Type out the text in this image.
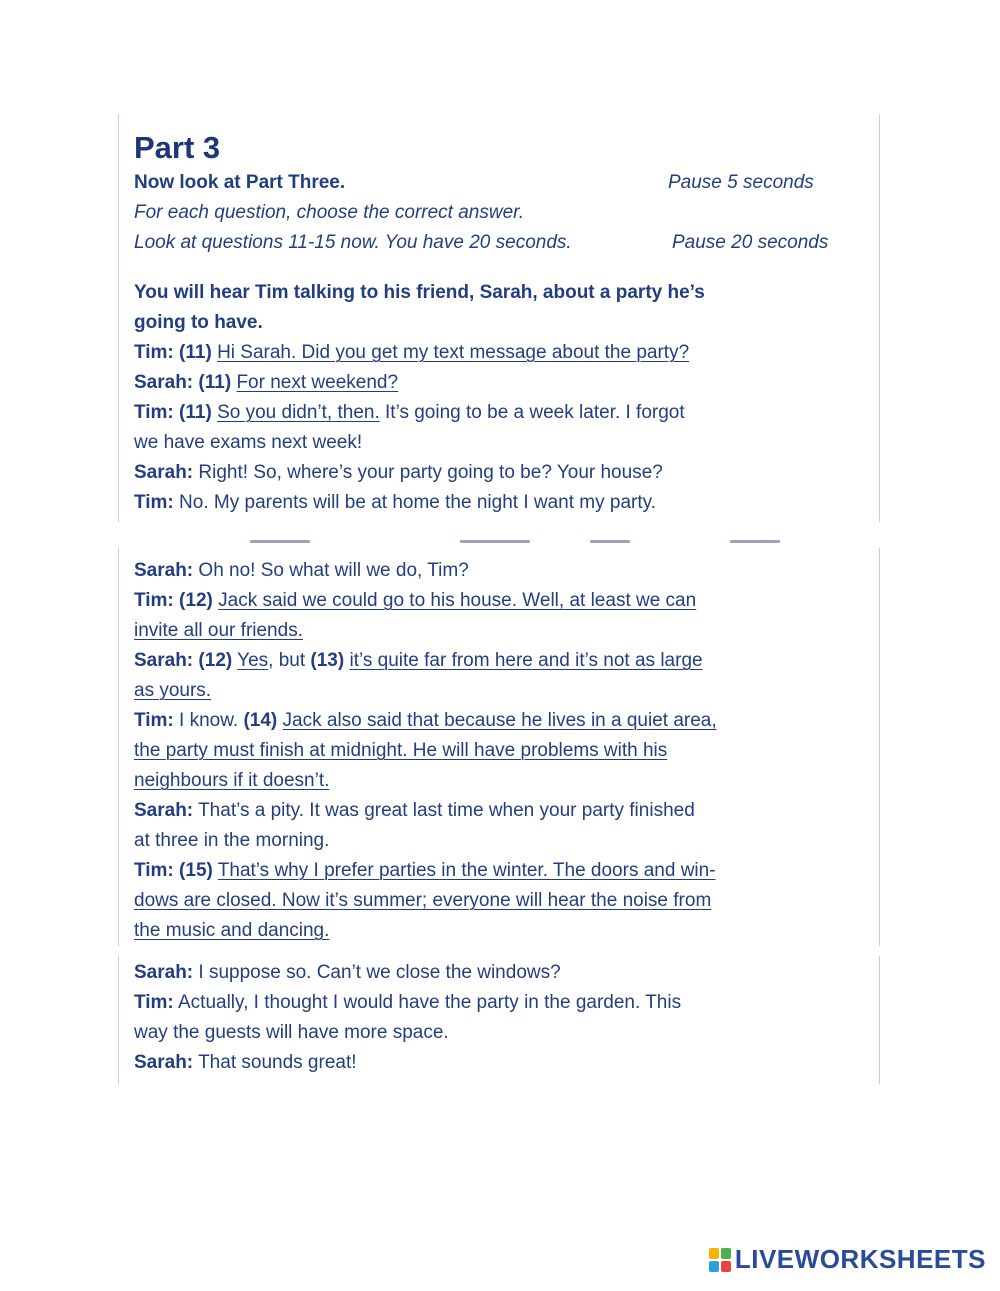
Part 3
Now look at Part Three.	Pause 5 seconds
For each question, choose the correct answer.
Look at questions 11-15 now. You have 20 seconds.	Pause 20 seconds
You will hear Tim talking to his friend, Sarah, about a party he’s
going to have.
Tim: (11) Hi Sarah. Did you get my text message about the party?
Sarah: (11) For next weekend?
Tim: (11) So you didn’t, then. It’s going to be a week later. I forgot
we have exams next week!
Sarah: Right! So, where’s your party going to be? Your house?
Tim: No. My parents will be at home the night I want my party.
Sarah: Oh no! So what will we do, Tim?
Tim: (12) Jack said we could go to his house. Well, at least we can
invite all our friends.
Sarah: (12) Yes, but (13) it’s quite far from here and it’s not as large
as yours.
Tim: I know. (14) Jack also said that because he lives in a quiet area,
the party must finish at midnight. He will have problems with his
neighbours if it doesn’t.
Sarah: That’s a pity. It was great last time when your party finished
at three in the morning.
Tim: (15) That’s why I prefer parties in the winter. The doors and win-
dows are closed. Now it’s summer; everyone will hear the noise from
the music and dancing.
Sarah: I suppose so. Can’t we close the windows?
Tim: Actually, I thought I would have the party in the garden. This
way the guests will have more space.
Sarah: That sounds great!
LIVEWORKSHEETS
